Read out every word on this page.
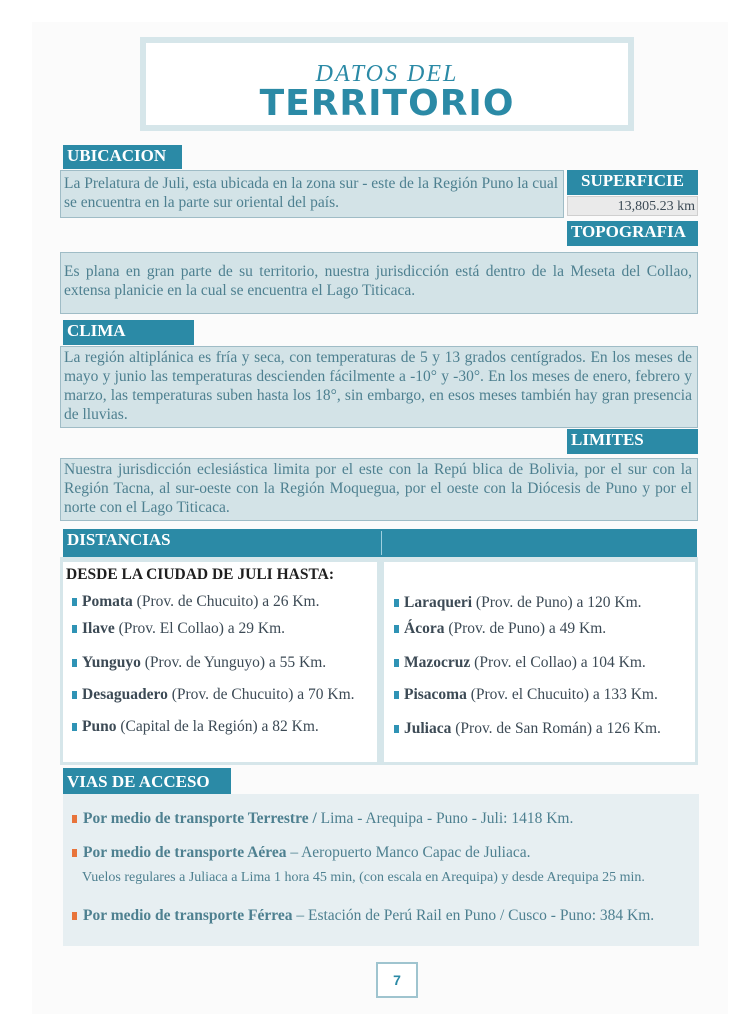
DATOS DEL
TERRITORIO
UBICACION
La Prelatura de Juli, esta ubicada en la zona sur - este de la Región Puno la cual se encuentra en la parte sur oriental del país.
SUPERFICIE
13,805.23 km
TOPOGRAFIA
Es plana en gran parte de su territorio, nuestra jurisdicción está dentro de la Meseta del Collao, extensa planicie en la cual se encuentra el Lago Titicaca.
CLIMA
La región altiplánica es fría y seca, con temperaturas de 5 y 13 grados centígrados. En los meses de mayo y junio las temperaturas descienden fácilmente a -10° y -30°. En los meses de enero, febrero y marzo, las temperaturas suben hasta los 18°, sin embargo, en esos meses también hay gran presencia de lluvias.
LIMITES
Nuestra jurisdicción eclesiástica limita por el este con la Repú blica de Bolivia, por el sur con la Región Tacna, al sur-oeste con la Región Moquegua, por el oeste con la Diócesis de Puno y por el norte con el Lago Titicaca.
DISTANCIAS
DESDE LA CIUDAD DE JULI HASTA:
Pomata (Prov. de Chucuito) a 26 Km.
Ilave (Prov. El Collao) a 29 Km.
Yunguyo (Prov. de Yunguyo) a 55 Km.
Desaguadero (Prov. de Chucuito) a 70 Km.
Puno (Capital de la Región) a 82 Km.
Laraqueri (Prov. de Puno) a 120 Km.
Ácora (Prov. de Puno) a 49 Km.
Mazocruz (Prov. el Collao) a 104 Km.
Pisacoma (Prov. el Chucuito) a 133 Km.
Juliaca (Prov. de San Román) a 126 Km.
VIAS DE ACCESO
Por medio de transporte Terrestre / Lima - Arequipa - Puno - Juli: 1418 Km.
Por medio de transporte Aérea – Aeropuerto Manco Capac de Juliaca.
Vuelos regulares a Juliaca a Lima 1 hora 45 min, (con escala en Arequipa) y desde Arequipa 25 min.
Por medio de transporte Férrea – Estación de Perú Rail en Puno / Cusco - Puno: 384 Km.
7
